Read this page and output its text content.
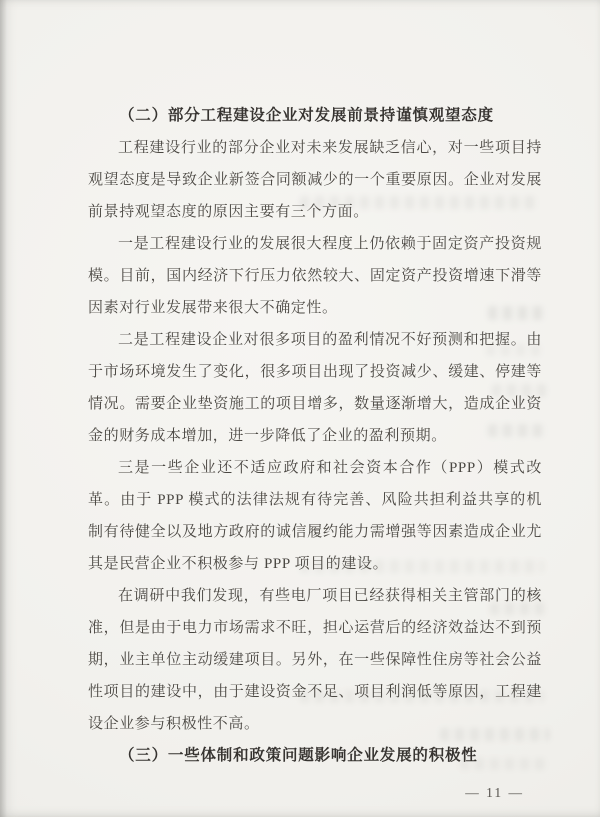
（二）部分工程建设企业对发展前景持谨慎观望态度

工程建设行业的部分企业对未来发展缺乏信心，对一些项目持观望态度是导致企业新签合同额减少的一个重要原因。企业对发展前景持观望态度的原因主要有三个方面。

一是工程建设行业的发展很大程度上仍依赖于固定资产投资规模。目前，国内经济下行压力依然较大、固定资产投资增速下滑等因素对行业发展带来很大不确定性。

二是工程建设企业对很多项目的盈利情况不好预测和把握。由于市场环境发生了变化，很多项目出现了投资减少、缓建、停建等情况。需要企业垫资施工的项目增多，数量逐渐增大，造成企业资金的财务成本增加，进一步降低了企业的盈利预期。

三是一些企业还不适应政府和社会资本合作（PPP）模式改革。由于 PPP 模式的法律法规有待完善、风险共担利益共享的机制有待健全以及地方政府的诚信履约能力需增强等因素造成企业尤其是民营企业不积极参与 PPP 项目的建设。

在调研中我们发现，有些电厂项目已经获得相关主管部门的核准，但是由于电力市场需求不旺，担心运营后的经济效益达不到预期，业主单位主动缓建项目。另外，在一些保障性住房等社会公益性项目的建设中，由于建设资金不足、项目利润低等原因，工程建设企业参与积极性不高。

（三）一些体制和政策问题影响企业发展的积极性
— 11 —
